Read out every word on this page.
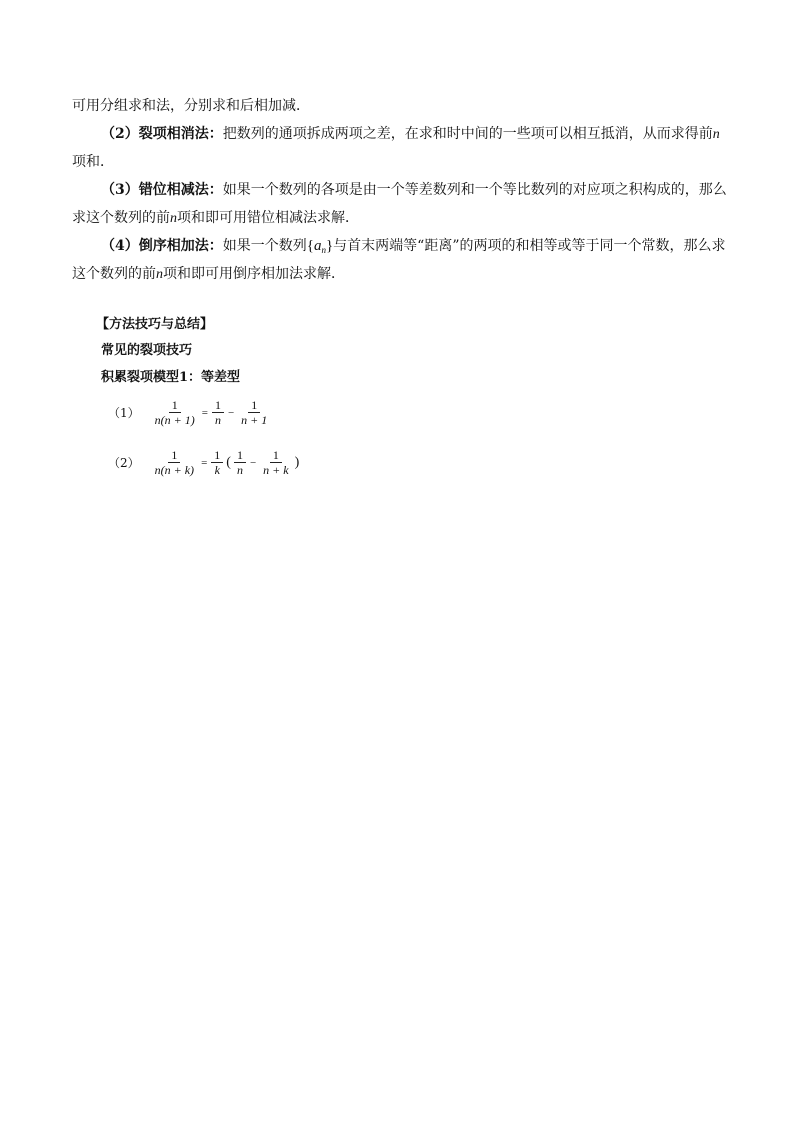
可用分组求和法，分别求和后相加减．
（2）裂项相消法：把数列的通项拆成两项之差，在求和时中间的一些项可以相互抵消，从而求得前n
项和．
（3）错位相减法：如果一个数列的各项是由一个等差数列和一个等比数列的对应项之积构成的，那么
求这个数列的前n项和即可用错位相减法求解．
（4）倒序相加法：如果一个数列$\{a_n\}$与首末两端等“距离”的两项的和相等或等于同一个常数，那么求
这个数列的前n项和即可用倒序相加法求解．
【方法技巧与总结】
常见的裂项技巧
积累裂项模型1：等差型
$(1) \frac{1}{n(n + 1)} = \frac{1}{n} - \frac{1}{n + 1}$
$(2) \frac{1}{n(n + k)} = \frac{1}{k}$ ( $\frac{1}{n} - \frac{1}{n + k}$ )
